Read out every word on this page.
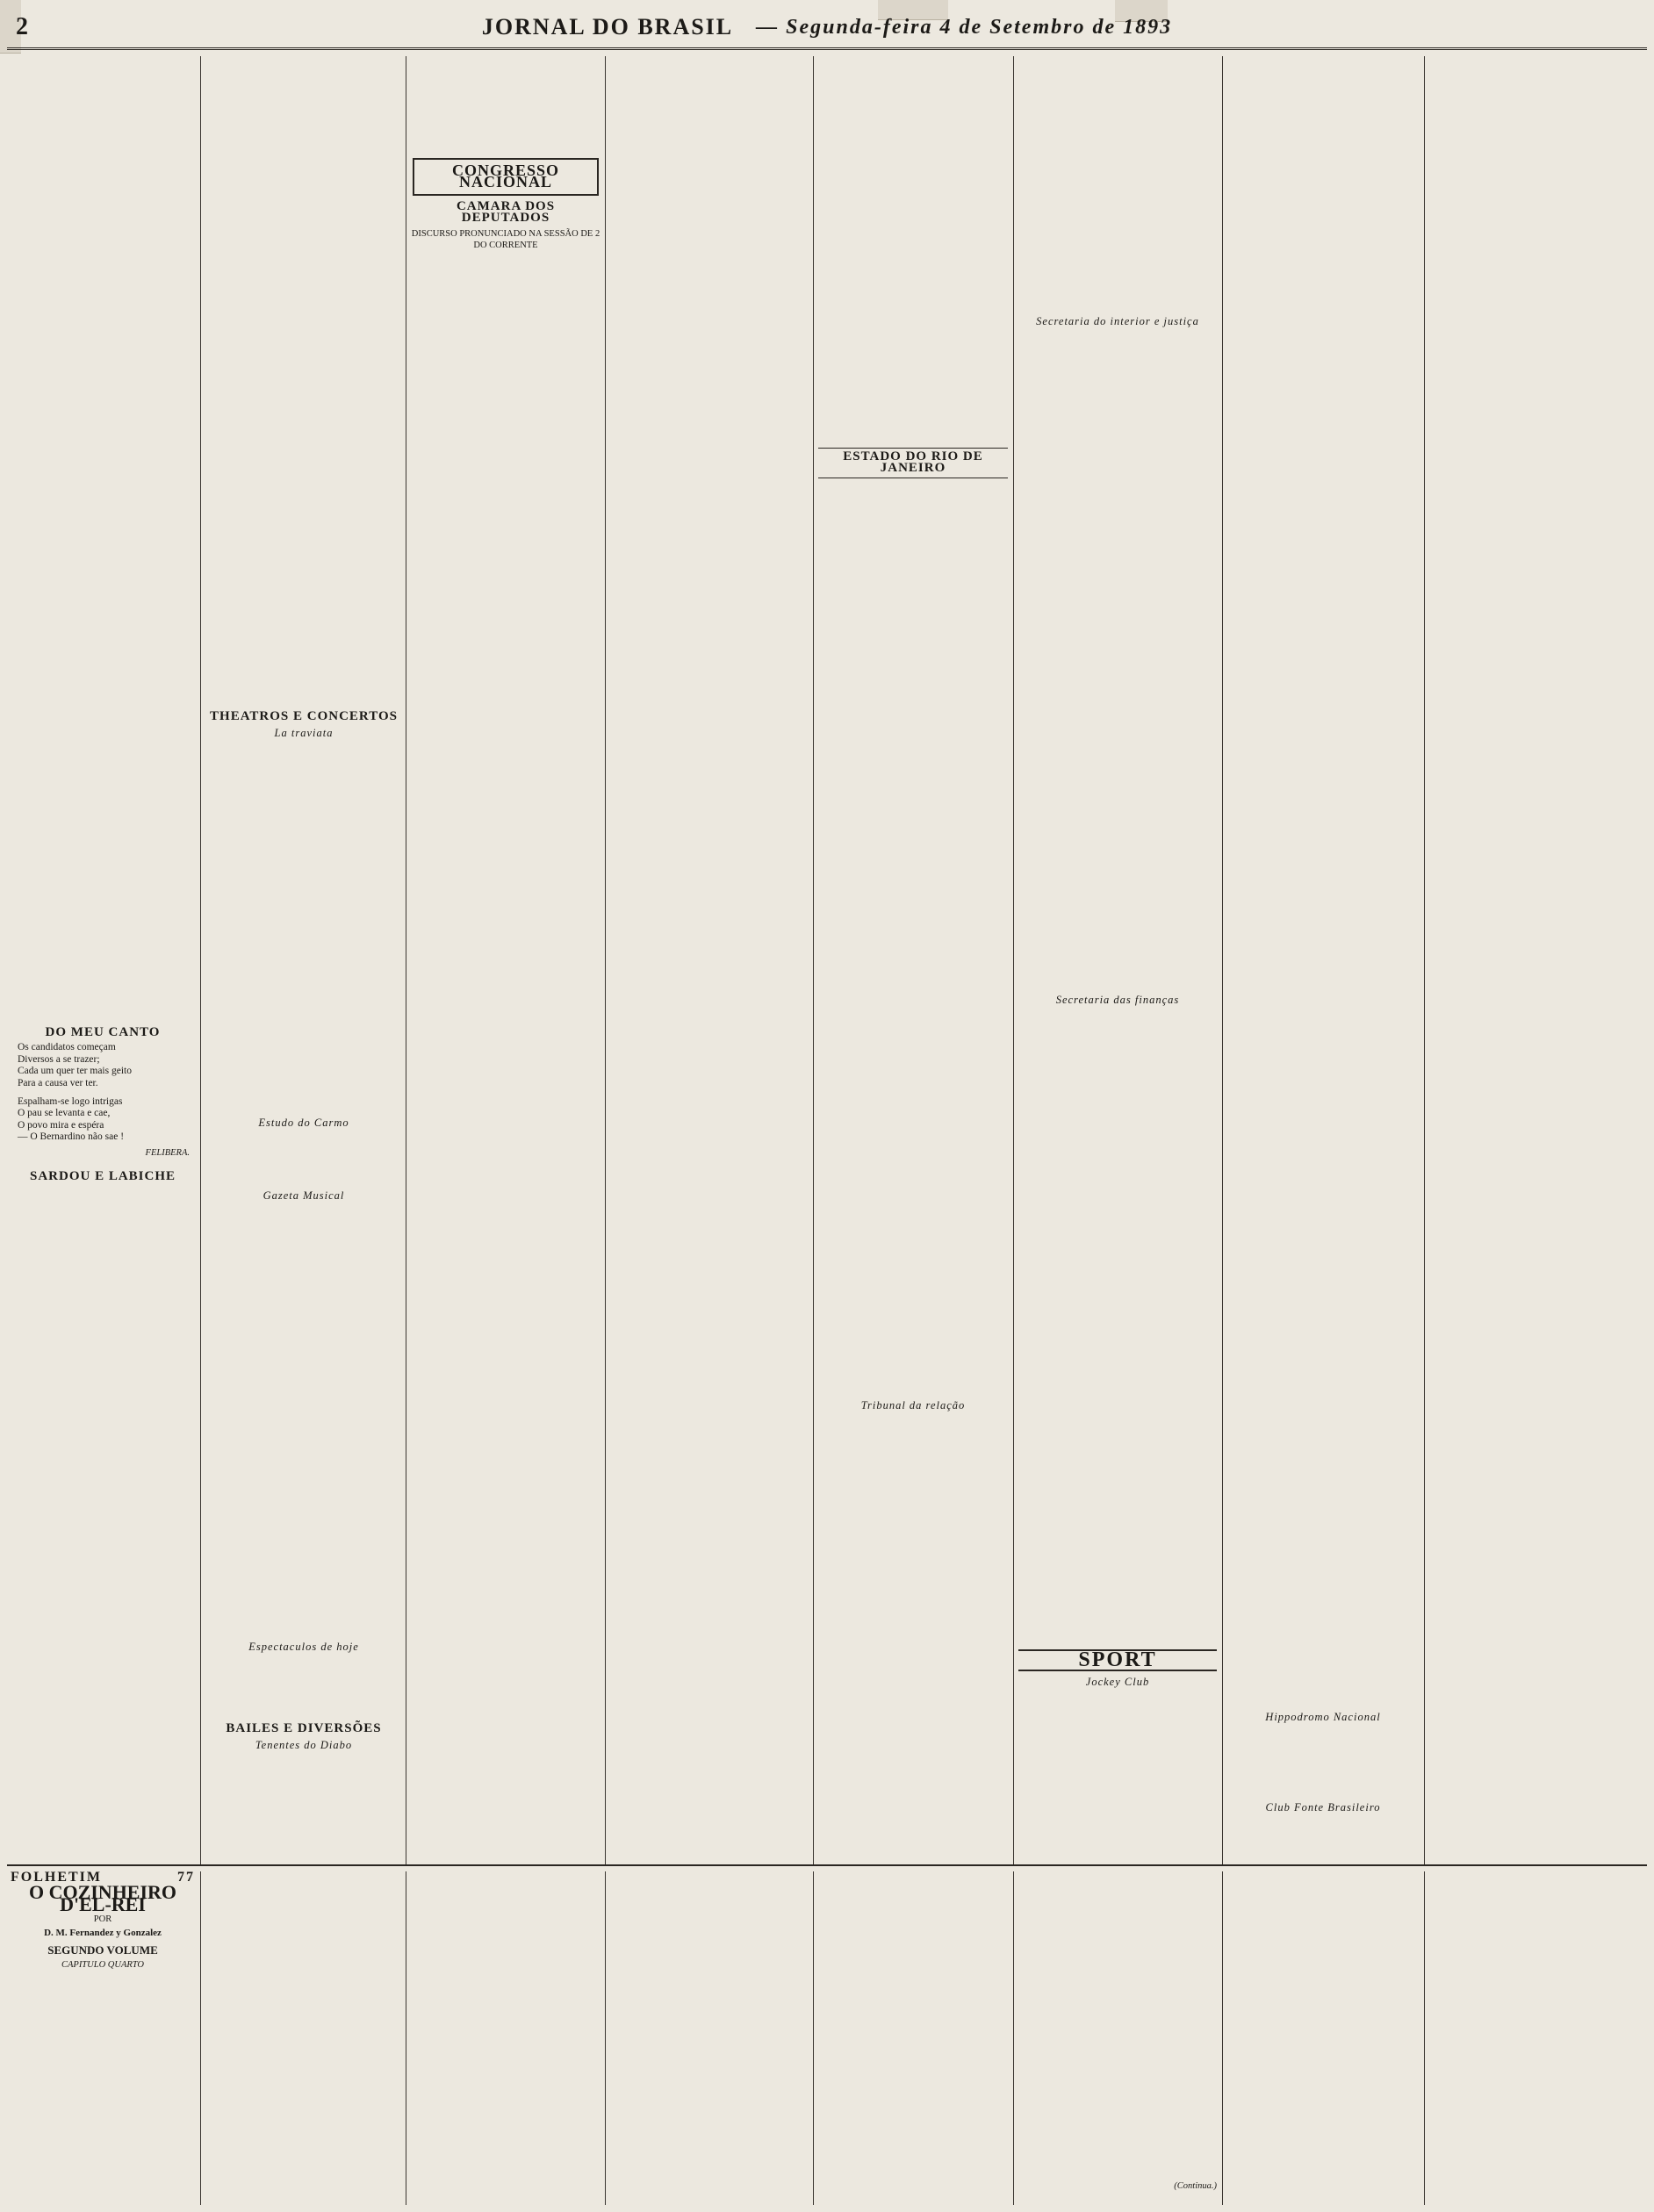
2	JORNAL DO BRASIL — Segunda-feira 4 de Setembro de 1893
DO MEU CANTO
Os candidatos começam
Diversos a se trazer;
Cada um quer ter mais geito
Para a causa ver ter.
Espalham-se logo intrigas
O pau se levanta e cae,
O povo mira e espéra
— O Bernardino não sae !
FELIBERA.
SARDOU E LABICHE
THEATROS E CONCERTOS
La traviata
Estudo do Carmo
Gazeta Musical
Espectaculos de hoje
BAILES E DIVERSÕES
Tenentes do Diabo
CONGRESSO NACIONAL
CAMARA DOS DEPUTADOS
DISCURSO PRONUNCIADO NA SESSÃO DE 2 DO CORRENTE
ESTADO DO RIO DE JANEIRO
Tribunal da relação
Secretaria do interior e justiça
Secretaria das finanças
SPORT
Jockey Club
Hippodromo Nacional
Club Fonte Brasileiro
FOLHETIM	77
O COZINHEIRO D'EL-REI
POR
D. M. Fernandez y Gonzalez
SEGUNDO VOLUME
CAPITULO QUARTO
(Continua.)
